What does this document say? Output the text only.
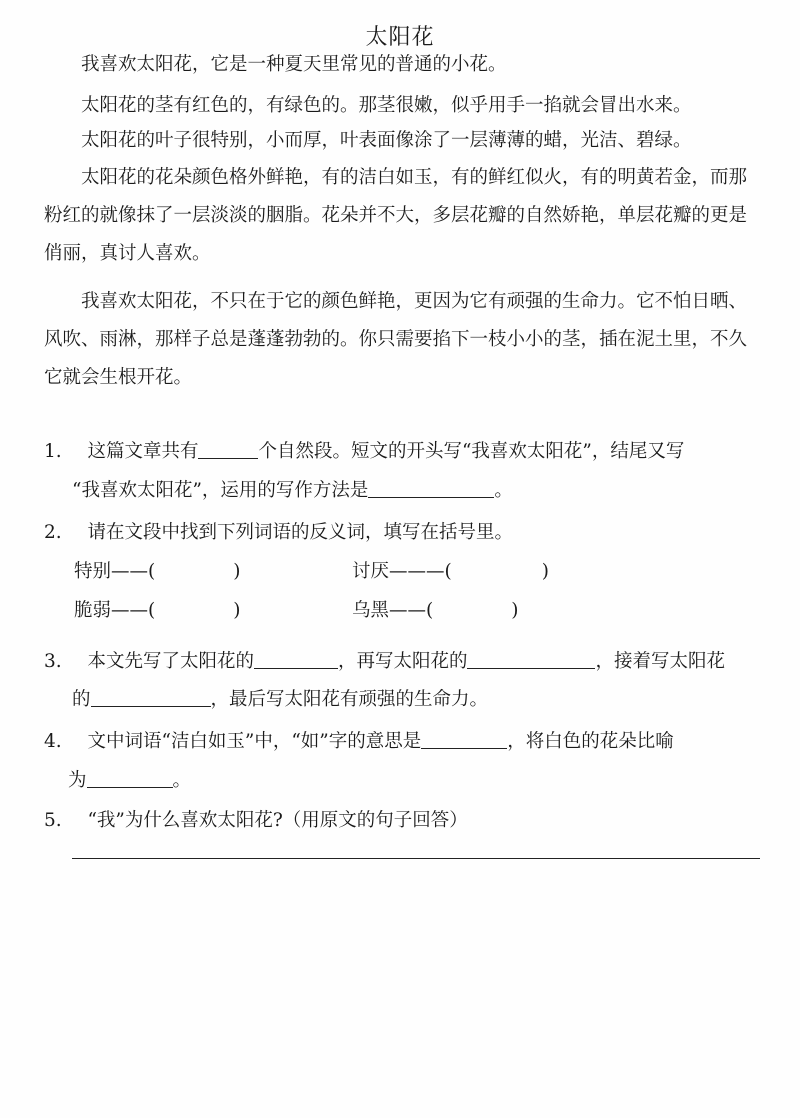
太阳花

我喜欢太阳花，它是一种夏天里常见的普通的小花。

太阳花的茎有红色的，有绿色的。那茎很嫩，似乎用手一掐就会冒出水来。

太阳花的叶子很特别，小而厚，叶表面像涂了一层薄薄的蜡，光洁、碧绿。

太阳花的花朵颜色格外鲜艳，有的洁白如玉，有的鲜红似火，有的明黄若金，而那粉红的就像抹了一层淡淡的胭脂。花朵并不大，多层花瓣的自然娇艳，单层花瓣的更是俏丽，真讨人喜欢。

我喜欢太阳花，不只在于它的颜色鲜艳，更因为它有顽强的生命力。它不怕日晒、风吹、雨淋，那样子总是蓬蓬勃勃的。你只需要掐下一枝小小的茎，插在泥土里，不久它就会生根开花。

1. 这篇文章共有	个自然段。短文的开头写“我喜欢太阳花”，结尾又写
“我喜欢太阳花”，运用的写作方法是	。
2. 请在文段中找到下列词语的反义词，填写在括号里。
特别——(	)	讨厌———(	)
脆弱——(	)	乌黑——(	)
3. 本文先写了太阳花的	，再写太阳花的	，接着写太阳花
的	，最后写太阳花有顽强的生命力。
4. 文中词语“洁白如玉”中，“如”字的意思是	，将白色的花朵比喻
为	。
5. “我”为什么喜欢太阳花?（用原文的句子回答）
